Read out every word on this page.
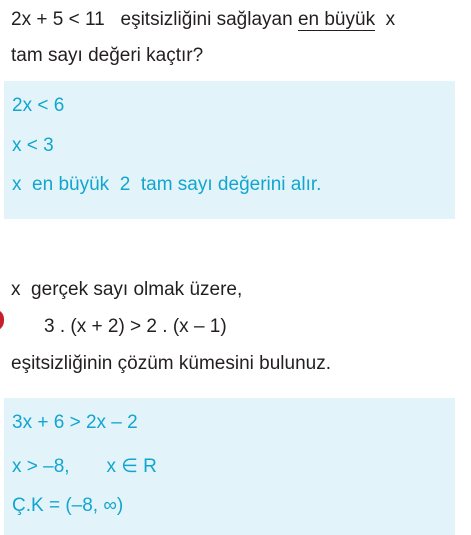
2x + 5 < 11 eşitsizliğini sağlayan en büyük x
tam sayı değeri kaçtır?
2x < 6
x < 3
x  en büyük  2  tam sayı değerini alır.
x  gerçek sayı olmak üzere,
3 . (x + 2) > 2 . (x – 1)
eşitsizliğinin çözüm kümesini bulunuz.
3x + 6 > 2x – 2
x > –8, x ∈ R
Ç.K = (–8, ∞)
